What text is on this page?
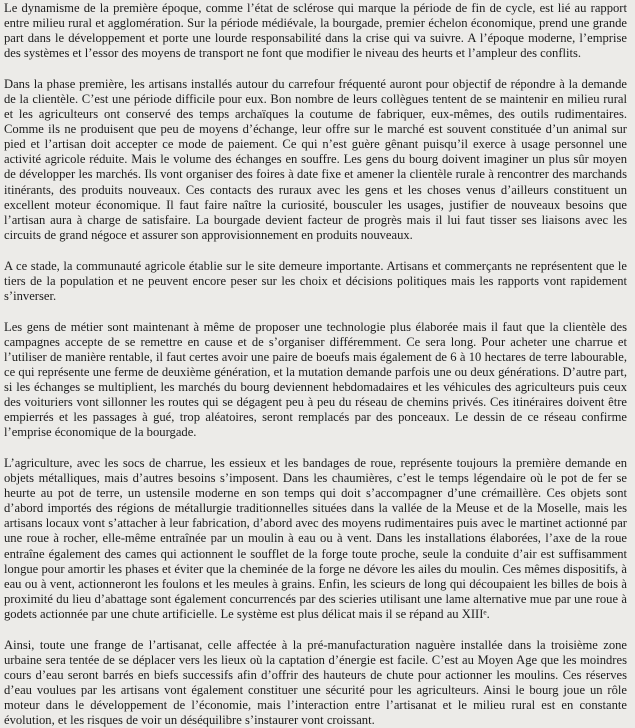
Le dynamisme de la première époque, comme l’état de sclérose qui marque la période de fin de cycle, est lié au rapport entre milieu rural et agglomération. Sur la période médiévale, la bourgade, premier échelon économique, prend une grande part dans le développement et porte une lourde responsabilité dans la crise qui va suivre. A l’époque moderne, l’emprise des systèmes et l’essor des moyens de transport ne font que modifier le niveau des heurts et l’ampleur des conflits.

Dans la phase première, les artisans installés autour du carrefour fréquenté auront pour objectif de répondre à la demande de la clientèle. C’est une période difficile pour eux. Bon nombre de leurs collègues tentent de se maintenir en milieu rural et les agriculteurs ont conservé des temps archaïques la coutume de fabriquer, eux-mêmes, des outils rudimentaires. Comme ils ne produisent que peu de moyens d’échange, leur offre sur le marché est souvent constituée d’un animal sur pied et l’artisan doit accepter ce mode de paiement. Ce qui n’est guère gênant puisqu’il exerce à usage personnel une activité agricole réduite. Mais le volume des échanges en souffre. Les gens du bourg doivent imaginer un plus sûr moyen de développer les marchés. Ils vont organiser des foires à date fixe et amener la clientèle rurale à rencontrer des marchands itinérants, des produits nouveaux. Ces contacts des ruraux avec les gens et les choses venus d’ailleurs constituent un excellent moteur économique. Il faut faire naître la curiosité, bousculer les usages, justifier de nouveaux besoins que l’artisan aura à charge de satisfaire. La bourgade devient facteur de progrès mais il lui faut tisser ses liaisons avec les circuits de grand négoce et assurer son approvisionnement en produits nouveaux.

A ce stade, la communauté agricole établie sur le site demeure importante. Artisans et commerçants ne représentent que le tiers de la population et ne peuvent encore peser sur les choix et décisions politiques mais les rapports vont rapidement s’inverser.

Les gens de métier sont maintenant à même de proposer une technologie plus élaborée mais il faut que la clientèle des campagnes accepte de se remettre en cause et de s’organiser différemment. Ce sera long. Pour acheter une charrue et l’utiliser de manière rentable, il faut certes avoir une paire de boeufs mais également de 6 à 10 hectares de terre labourable, ce qui représente une ferme de deuxième génération, et la mutation demande parfois une ou deux générations. D’autre part, si les échanges se multiplient, les marchés du bourg deviennent hebdomadaires et les véhicules des agriculteurs puis ceux des voituriers vont sillonner les routes qui se dégagent peu à peu du réseau de chemins privés. Ces itinéraires doivent être empierrés et les passages à gué, trop aléatoires, seront remplacés par des ponceaux. Le dessin de ce réseau confirme l’emprise économique de la bourgade.

L’agriculture, avec les socs de charrue, les essieux et les bandages de roue, représente toujours la première demande en objets métalliques, mais d’autres besoins s’imposent. Dans les chaumières, c’est le temps légendaire où le pot de fer se heurte au pot de terre, un ustensile moderne en son temps qui doit s’accompagner d’une crémaillère. Ces objets sont d’abord importés des régions de métallurgie traditionnelles situées dans la vallée de la Meuse et de la Moselle, mais les artisans locaux vont s’attacher à leur fabrication, d’abord avec des moyens rudimentaires puis avec le martinet actionné par une roue à rocher, elle-même entraînée par un moulin à eau ou à vent. Dans les installations élaborées, l’axe de la roue entraîne également des cames qui actionnent le soufflet de la forge toute proche, seule la conduite d’air est suffisamment longue pour amortir les phases et éviter que la cheminée de la forge ne dévore les ailes du moulin. Ces mêmes dispositifs, à eau ou à vent, actionneront les foulons et les meules à grains. Enfin, les scieurs de long qui découpaient les billes de bois à proximité du lieu d’abattage sont également concurrencés par des scieries utilisant une lame alternative mue par une roue à godets actionnée par une chute artificielle. Le système est plus délicat mais il se répand au XIIIᵉ.

Ainsi, toute une frange de l’artisanat, celle affectée à la pré-manufacturation naguère installée dans la troisième zone urbaine sera tentée de se déplacer vers les lieux où la captation d’énergie est facile. C’est au Moyen Age que les moindres cours d’eau seront barrés en biefs successifs afin d’offrir des hauteurs de chute pour actionner les moulins. Ces réserves d’eau voulues par les artisans vont également constituer une sécurité pour les agriculteurs. Ainsi le bourg joue un rôle moteur dans le développement de l’économie, mais l’interaction entre l’artisanat et le milieu rural est en constante évolution, et les risques de voir un déséquilibre s’instaurer vont croissant.
